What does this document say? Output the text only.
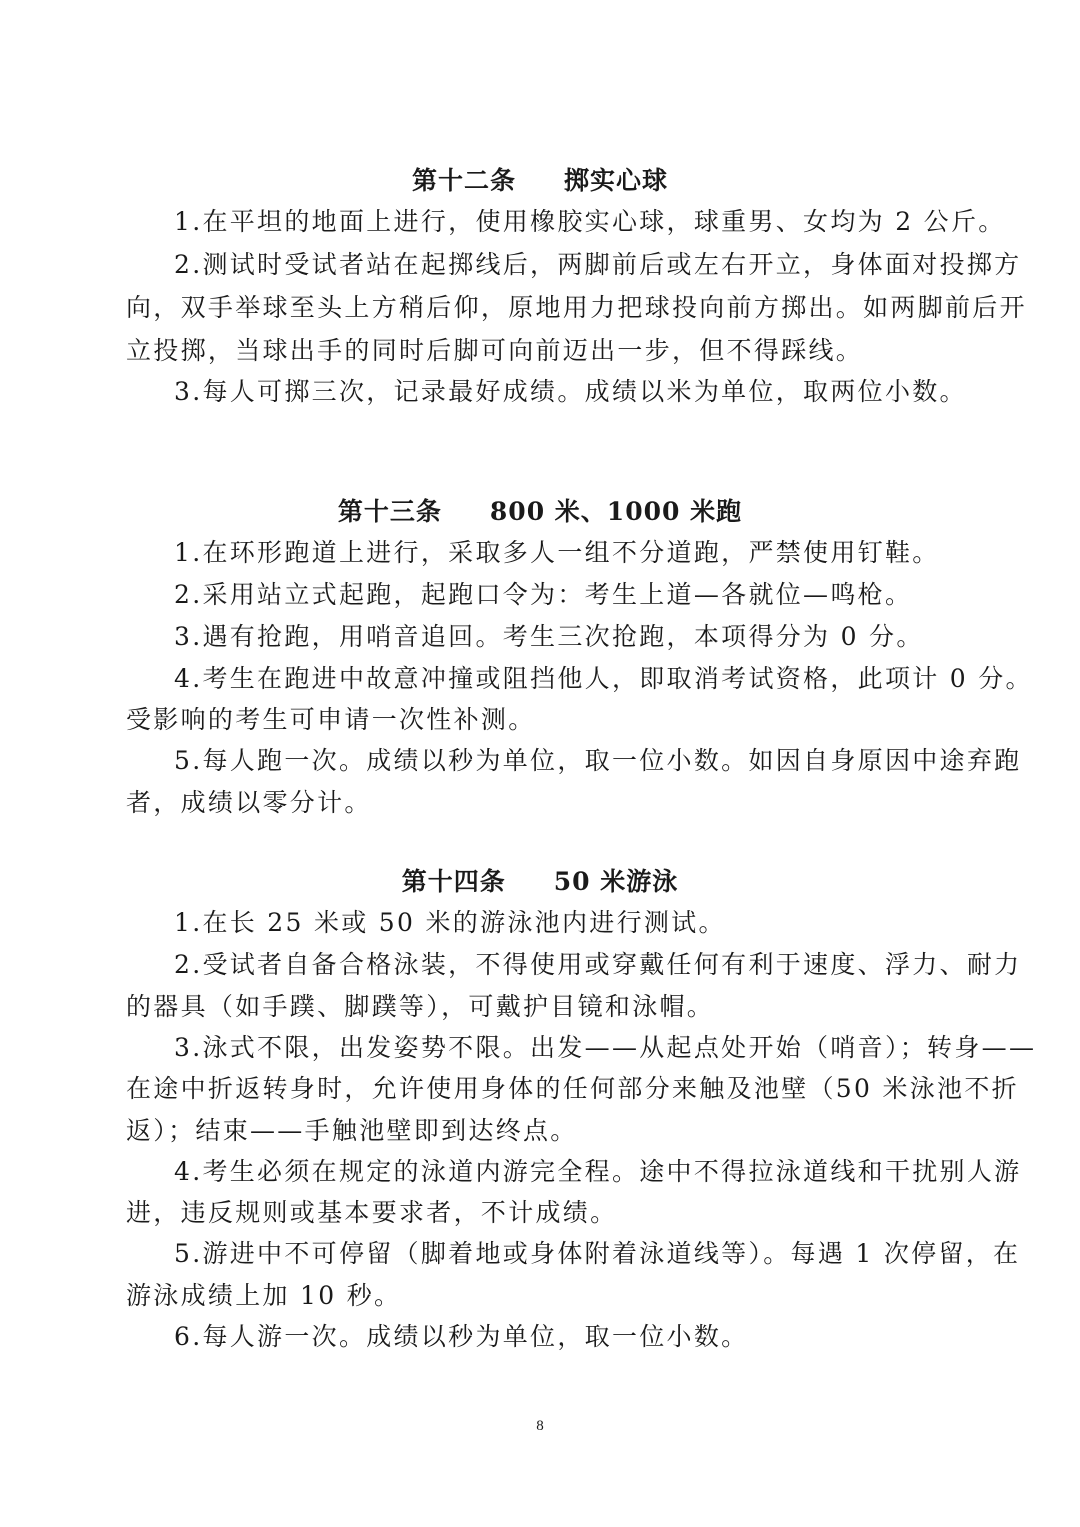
第十二条 掷实心球
1.在平坦的地面上进行，使用橡胶实心球，球重男、女均为 2 公斤。
2.测试时受试者站在起掷线后，两脚前后或左右开立，身体面对投掷方
向，双手举球至头上方稍后仰，原地用力把球投向前方掷出。如两脚前后开
立投掷，当球出手的同时后脚可向前迈出一步，但不得踩线。
3.每人可掷三次，记录最好成绩。成绩以米为单位，取两位小数。
第十三条 800 米、1000 米跑
1.在环形跑道上进行，采取多人一组不分道跑，严禁使用钉鞋。
2.采用站立式起跑，起跑口令为：考生上道—各就位—鸣枪。
3.遇有抢跑，用哨音追回。考生三次抢跑，本项得分为 0 分。
4.考生在跑进中故意冲撞或阻挡他人，即取消考试资格，此项计 0 分。
受影响的考生可申请一次性补测。
5.每人跑一次。成绩以秒为单位，取一位小数。如因自身原因中途弃跑
者，成绩以零分计。
第十四条 50 米游泳
1.在长 25 米或 50 米的游泳池内进行测试。
2.受试者自备合格泳装，不得使用或穿戴任何有利于速度、浮力、耐力
的器具（如手蹼、脚蹼等），可戴护目镜和泳帽。
3.泳式不限，出发姿势不限。出发——从起点处开始（哨音）；转身——
在途中折返转身时，允许使用身体的任何部分来触及池壁（50 米泳池不折
返）；结束——手触池壁即到达终点。
4.考生必须在规定的泳道内游完全程。途中不得拉泳道线和干扰别人游
进，违反规则或基本要求者，不计成绩。
5.游进中不可停留（脚着地或身体附着泳道线等）。每遇 1 次停留，在
游泳成绩上加 10 秒。
6.每人游一次。成绩以秒为单位，取一位小数。
8
